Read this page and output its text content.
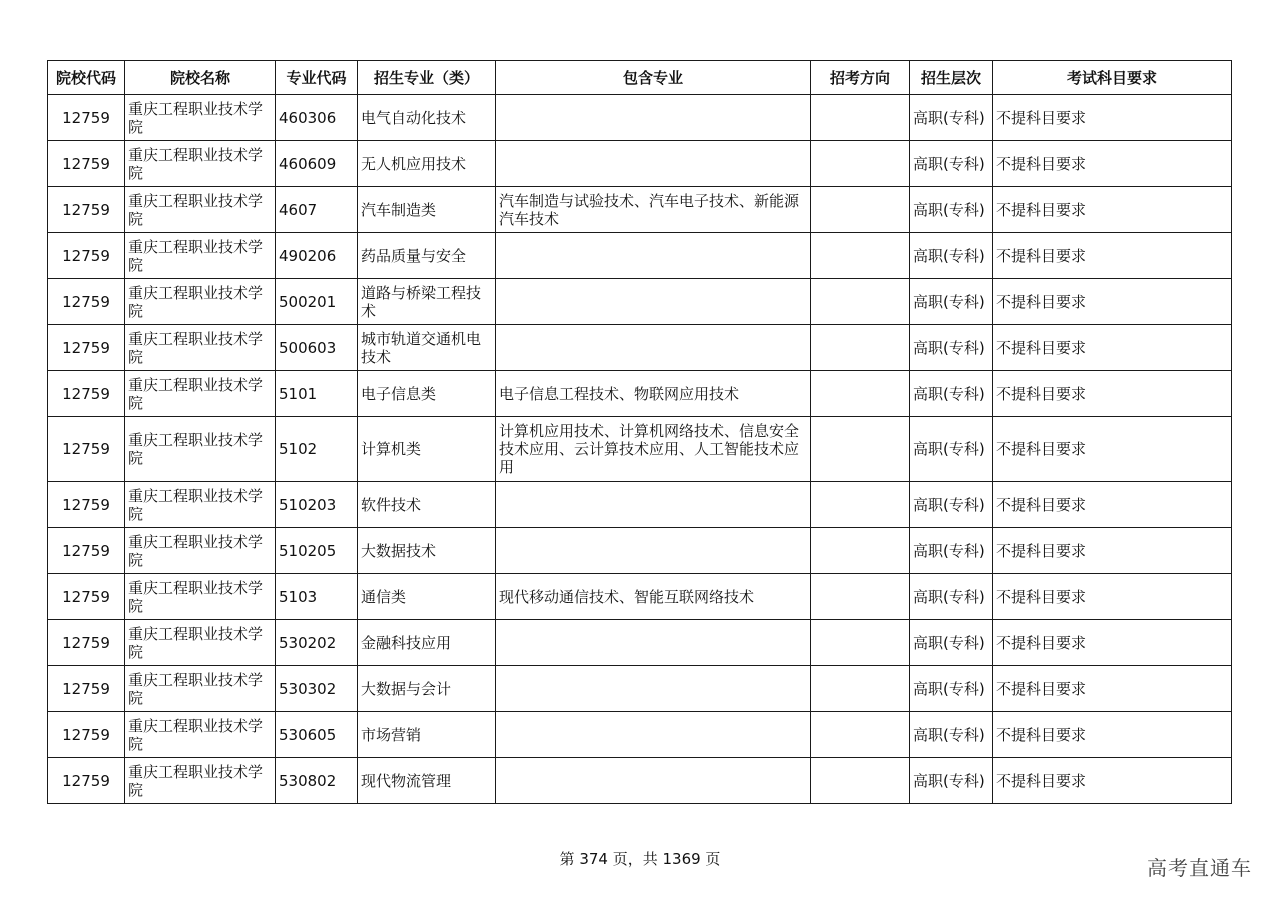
院校代码	院校名称	专业代码	招生专业（类）	包含专业	招考方向	招生层次	考试科目要求
12759	重庆工程职业技术学院	460306	电气自动化技术			高职(专科)	不提科目要求
12759	重庆工程职业技术学院	460609	无人机应用技术			高职(专科)	不提科目要求
12759	重庆工程职业技术学院	4607	汽车制造类	汽车制造与试验技术、汽车电子技术、新能源汽车技术		高职(专科)	不提科目要求
12759	重庆工程职业技术学院	490206	药品质量与安全			高职(专科)	不提科目要求
12759	重庆工程职业技术学院	500201	道路与桥梁工程技术			高职(专科)	不提科目要求
12759	重庆工程职业技术学院	500603	城市轨道交通机电技术			高职(专科)	不提科目要求
12759	重庆工程职业技术学院	5101	电子信息类	电子信息工程技术、物联网应用技术		高职(专科)	不提科目要求
12759	重庆工程职业技术学院	5102	计算机类	计算机应用技术、计算机网络技术、信息安全技术应用、云计算技术应用、人工智能技术应用		高职(专科)	不提科目要求
12759	重庆工程职业技术学院	510203	软件技术			高职(专科)	不提科目要求
12759	重庆工程职业技术学院	510205	大数据技术			高职(专科)	不提科目要求
12759	重庆工程职业技术学院	5103	通信类	现代移动通信技术、智能互联网络技术		高职(专科)	不提科目要求
12759	重庆工程职业技术学院	530202	金融科技应用			高职(专科)	不提科目要求
12759	重庆工程职业技术学院	530302	大数据与会计			高职(专科)	不提科目要求
12759	重庆工程职业技术学院	530605	市场营销			高职(专科)	不提科目要求
12759	重庆工程职业技术学院	530802	现代物流管理			高职(专科)	不提科目要求
第 374 页，共 1369 页	高考直通车
